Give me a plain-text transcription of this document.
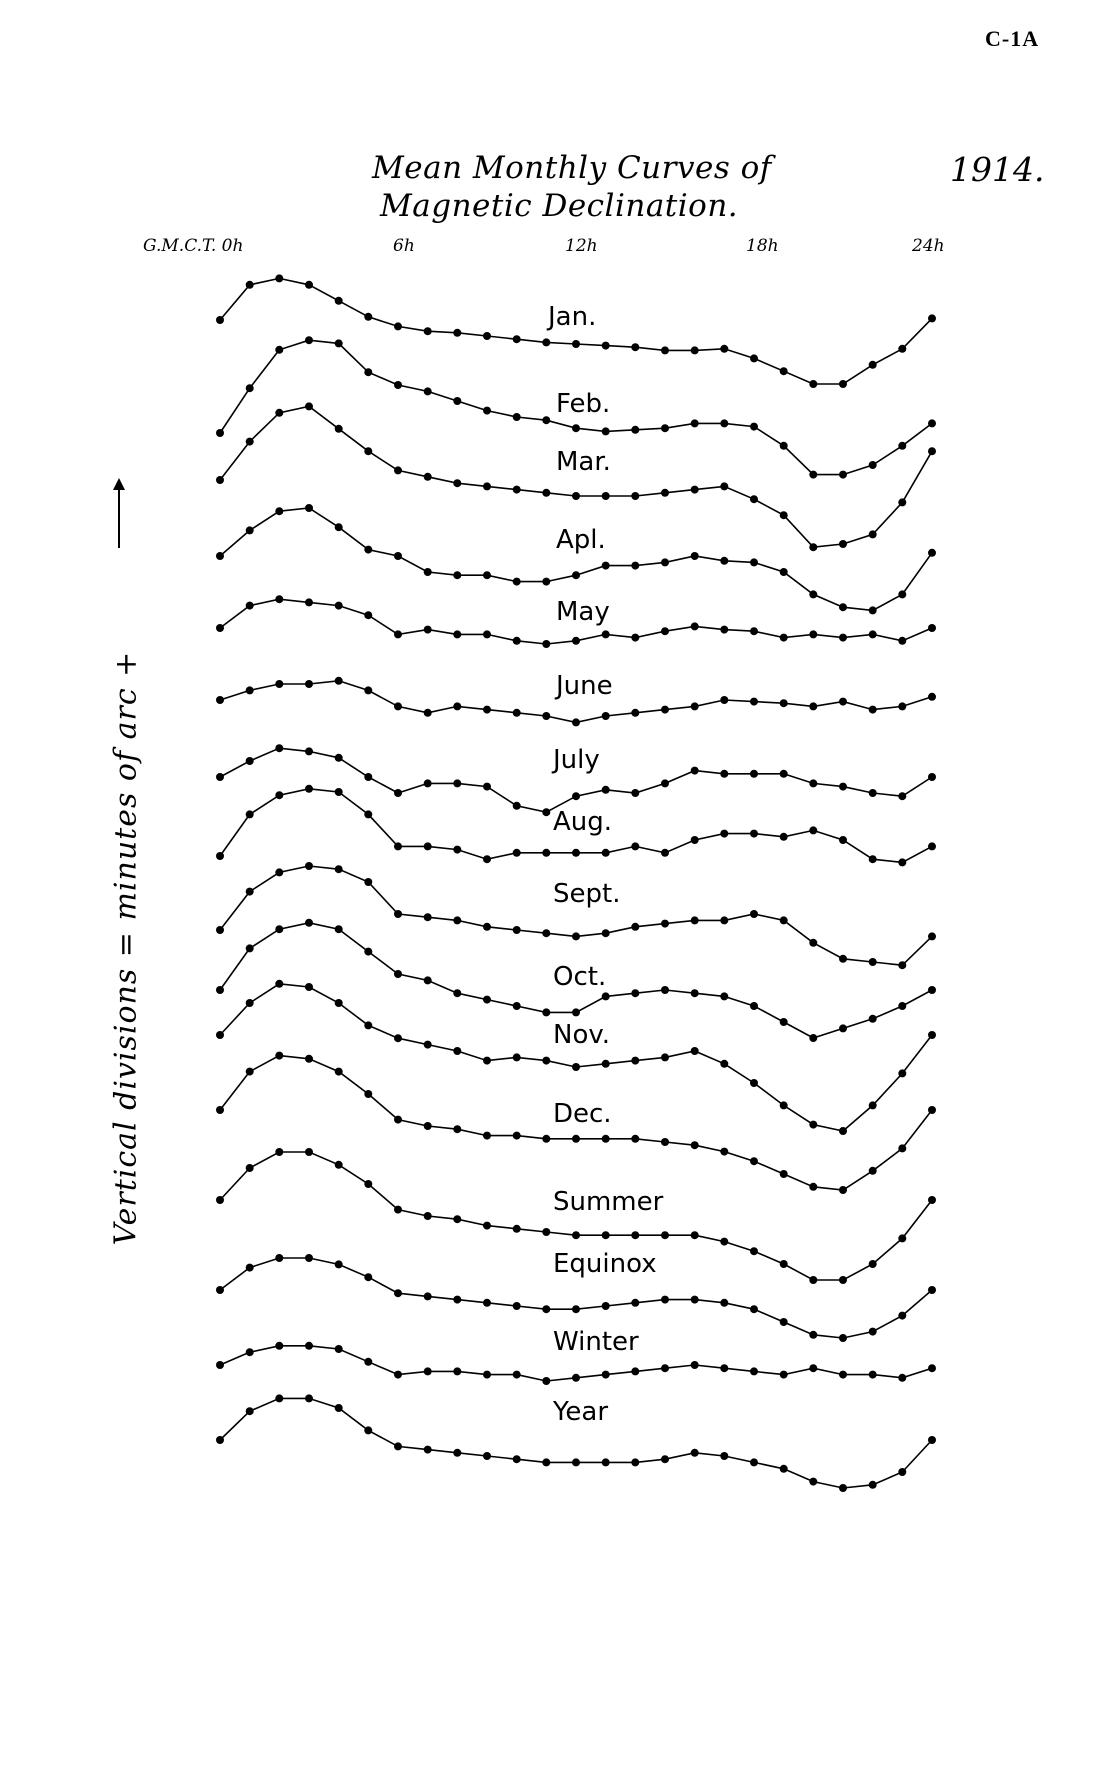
C-1A
Mean Monthly Curves of
Magnetic Declination.
1914.
G.M.C.T. 0h	6h	12h	18h	24h
Vertical divisions = minutes of arc +
Jan.
Feb.
Mar.
Apl.
May
June
July
Aug.
Sept.
Oct.
Nov.
Dec.
Summer
Equinox
Winter
Year
